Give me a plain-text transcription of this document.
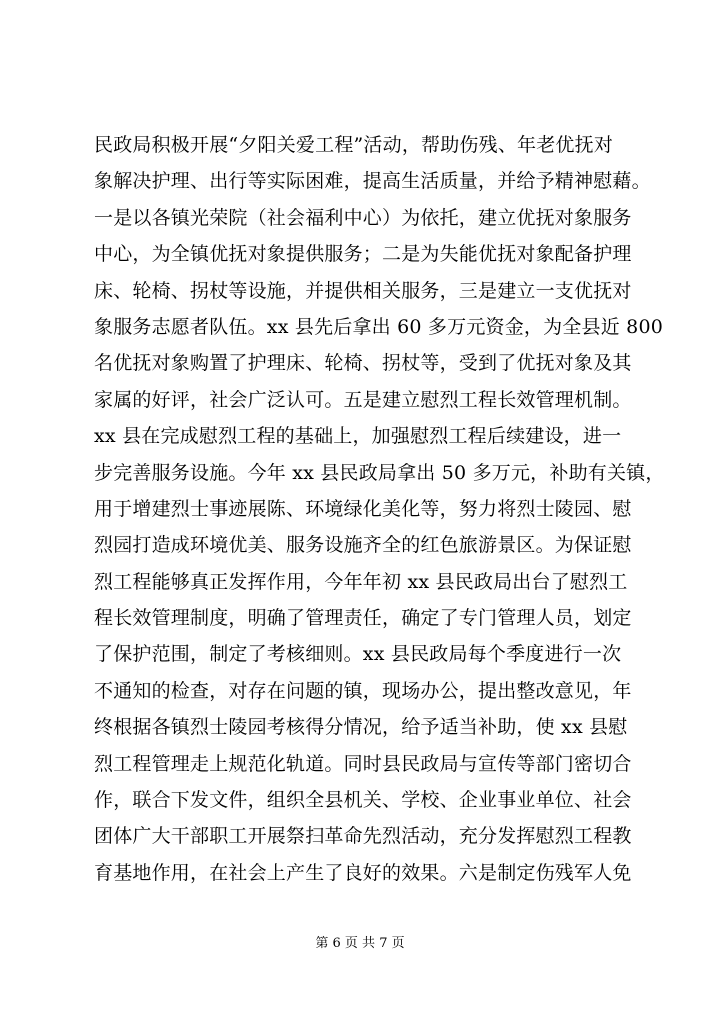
民政局积极开展“夕阳关爱工程”活动，帮助伤残、年老优抚对
象解决护理、出行等实际困难，提高生活质量，并给予精神慰藉。
一是以各镇光荣院（社会福利中心）为依托，建立优抚对象服务
中心，为全镇优抚对象提供服务；二是为失能优抚对象配备护理
床、轮椅、拐杖等设施，并提供相关服务，三是建立一支优抚对
象服务志愿者队伍。xx 县先后拿出 60 多万元资金，为全县近 800
名优抚对象购置了护理床、轮椅、拐杖等，受到了优抚对象及其
家属的好评，社会广泛认可。五是建立慰烈工程长效管理机制。
xx 县在完成慰烈工程的基础上，加强慰烈工程后续建设，进一
步完善服务设施。今年 xx 县民政局拿出 50 多万元，补助有关镇，
用于增建烈士事迹展陈、环境绿化美化等，努力将烈士陵园、慰
烈园打造成环境优美、服务设施齐全的红色旅游景区。为保证慰
烈工程能够真正发挥作用，今年年初 xx 县民政局出台了慰烈工
程长效管理制度，明确了管理责任，确定了专门管理人员，划定
了保护范围，制定了考核细则。xx 县民政局每个季度进行一次
不通知的检查，对存在问题的镇，现场办公，提出整改意见，年
终根据各镇烈士陵园考核得分情况，给予适当补助，使 xx 县慰
烈工程管理走上规范化轨道。同时县民政局与宣传等部门密切合
作，联合下发文件，组织全县机关、学校、企业事业单位、社会
团体广大干部职工开展祭扫革命先烈活动，充分发挥慰烈工程教
育基地作用，在社会上产生了良好的效果。六是制定伤残军人免
第 6 页 共 7 页
